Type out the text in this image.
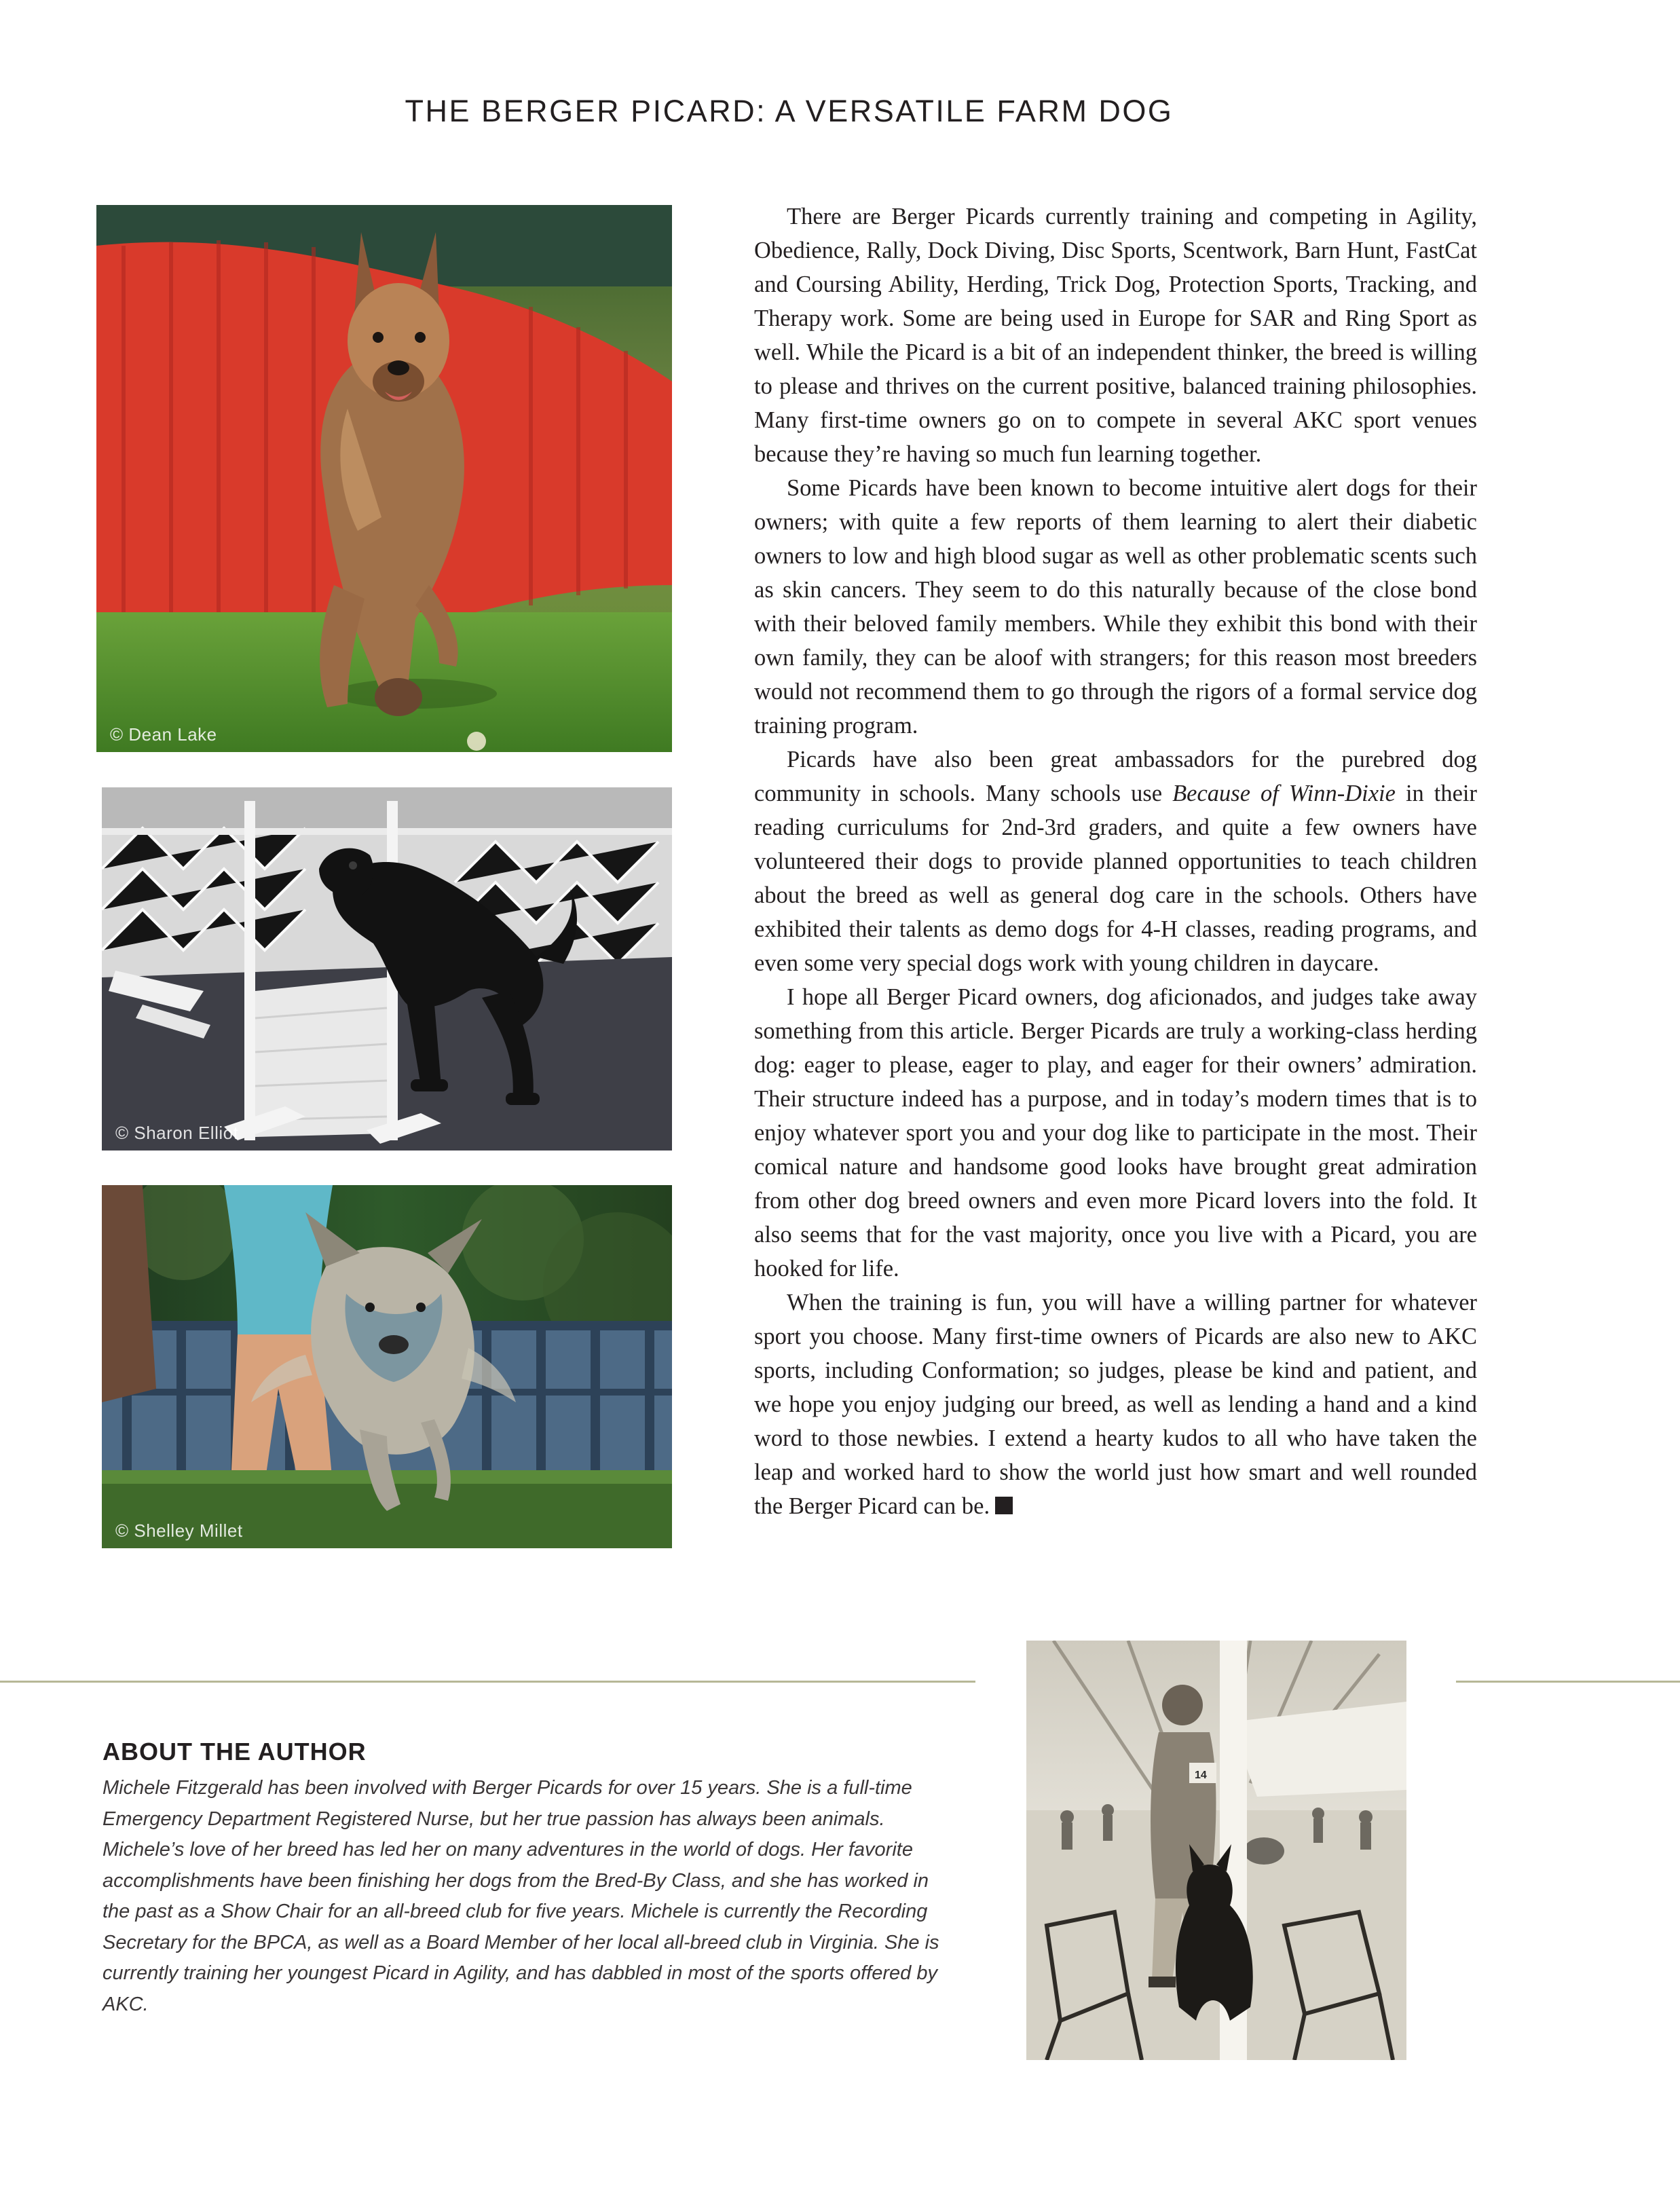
THE BERGER PICARD: A VERSATILE FARM DOG
© Dean Lake
© Sharon Elliot
© Shelley Millet

There are Berger Picards currently training and competing in Agility, Obedience, Rally, Dock Diving, Disc Sports, Scentwork, Barn Hunt, FastCat and Coursing Ability, Herding, Trick Dog, Protection Sports, Tracking, and Therapy work. Some are being used in Europe for SAR and Ring Sport as well. While the Picard is a bit of an independent thinker, the breed is willing to please and thrives on the current positive, balanced training philosophies. Many first-time owners go on to compete in several AKC sport venues because they’re having so much fun learning together.

Some Picards have been known to become intuitive alert dogs for their owners; with quite a few reports of them learning to alert their diabetic owners to low and high blood sugar as well as other problematic scents such as skin cancers. They seem to do this naturally because of the close bond with their beloved family members. While they exhibit this bond with their own family, they can be aloof with strangers; for this reason most breeders would not recommend them to go through the rigors of a formal service dog training program.

Picards have also been great ambassadors for the purebred dog community in schools. Many schools use Because of Winn-Dixie in their reading curriculums for 2nd-3rd graders, and quite a few owners have volunteered their dogs to provide planned opportunities to teach children about the breed as well as general dog care in the schools. Others have exhibited their talents as demo dogs for 4-H classes, reading programs, and even some very special dogs work with young children in daycare.

I hope all Berger Picard owners, dog aficionados, and judges take away something from this article. Berger Picards are truly a working-class herding dog: eager to please, eager to play, and eager for their owners’ admiration. Their structure indeed has a purpose, and in today’s modern times that is to enjoy whatever sport you and your dog like to participate in the most. Their comical nature and handsome good looks have brought great admiration from other dog breed owners and even more Picard lovers into the fold. It also seems that for the vast majority, once you live with a Picard, you are hooked for life.

When the training is fun, you will have a willing partner for whatever sport you choose. Many first-time owners of Picards are also new to AKC sports, including Conformation; so judges, please be kind and patient, and we hope you enjoy judging our breed, as well as lending a hand and a kind word to those newbies. I extend a hearty kudos to all who have taken the leap and worked hard to show the world just how smart and well rounded the Berger Picard can be.

14
ABOUT THE AUTHOR
Michele Fitzgerald has been involved with Berger Picards for over 15 years. She is a full-time Emergency Department Registered Nurse, but her true passion has always been animals. Michele’s love of her breed has led her on many adventures in the world of dogs. Her favorite accomplishments have been finishing her dogs from the Bred-By Class, and she has worked in the past as a Show Chair for an all-breed club for five years. Michele is currently the Recording Secretary for the BPCA, as well as a Board Member of her local all-breed club in Virginia. She is currently training her youngest Picard in Agility, and has dabbled in most of the sports offered by AKC.
